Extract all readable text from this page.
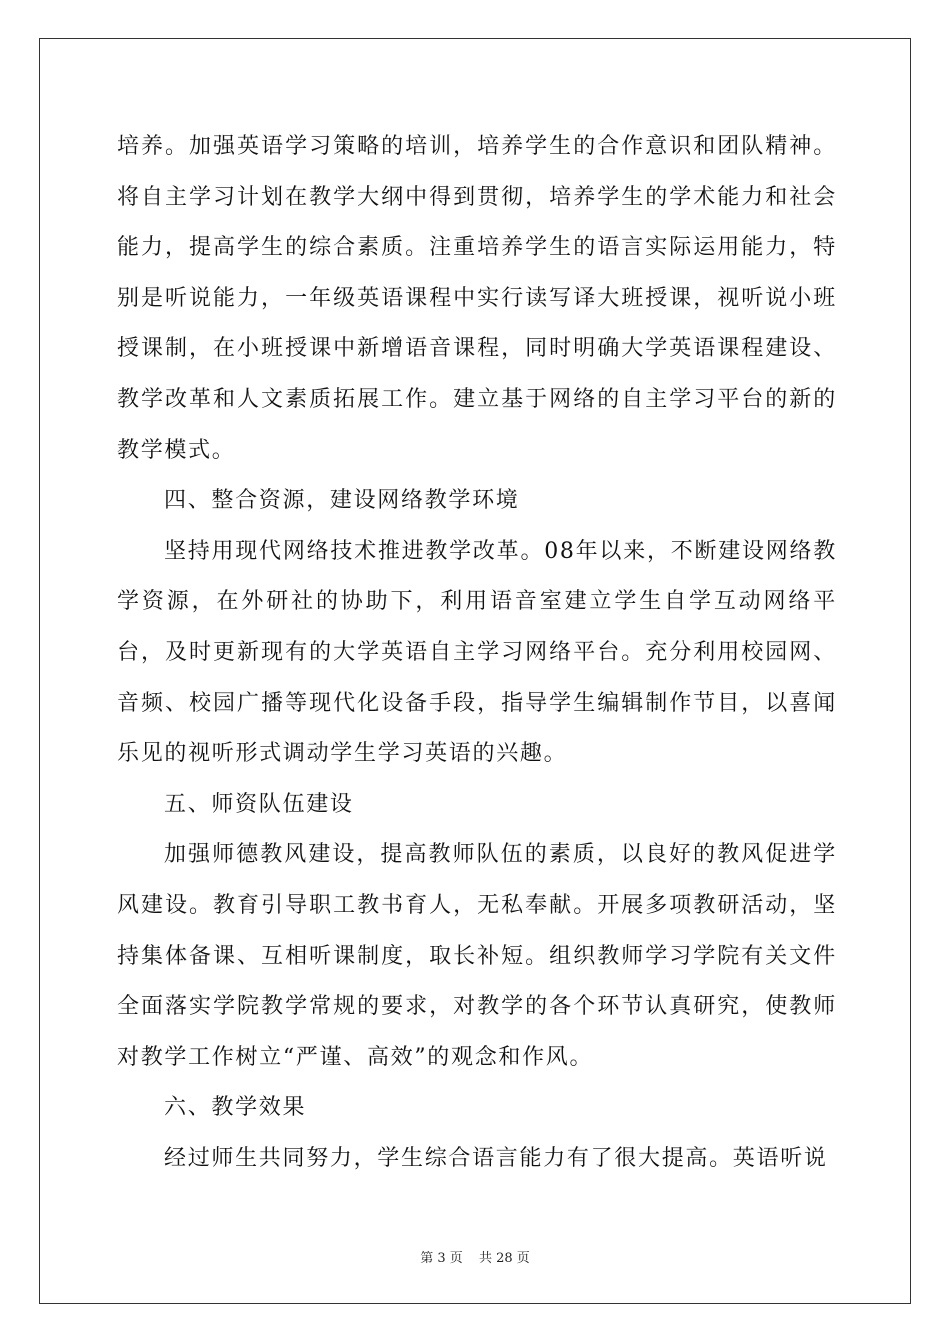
培养。加强英语学习策略的培训，培养学生的合作意识和团队精神。将自主学习计划在教学大纲中得到贯彻，培养学生的学术能力和社会能力，提高学生的综合素质。注重培养学生的语言实际运用能力，特别是听说能力，一年级英语课程中实行读写译大班授课，视听说小班授课制，在小班授课中新增语音课程，同时明确大学英语课程建设、教学改革和人文素质拓展工作。建立基于网络的自主学习平台的新的教学模式。

四、整合资源，建设网络教学环境

坚持用现代网络技术推进教学改革。08年以来，不断建设网络教学资源，在外研社的协助下，利用语音室建立学生自学互动网络平台，及时更新现有的大学英语自主学习网络平台。充分利用校园网、音频、校园广播等现代化设备手段，指导学生编辑制作节目，以喜闻乐见的视听形式调动学生学习英语的兴趣。

五、师资队伍建设

加强师德教风建设，提高教师队伍的素质，以良好的教风促进学风建设。教育引导职工教书育人，无私奉献。开展多项教研活动，坚持集体备课、互相听课制度，取长补短。组织教师学习学院有关文件全面落实学院教学常规的要求，对教学的各个环节认真研究，使教师对教学工作树立“严谨、高效”的观念和作风。

六、教学效果

经过师生共同努力，学生综合语言能力有了很大提高。英语听说

第 3 页 共 28 页
